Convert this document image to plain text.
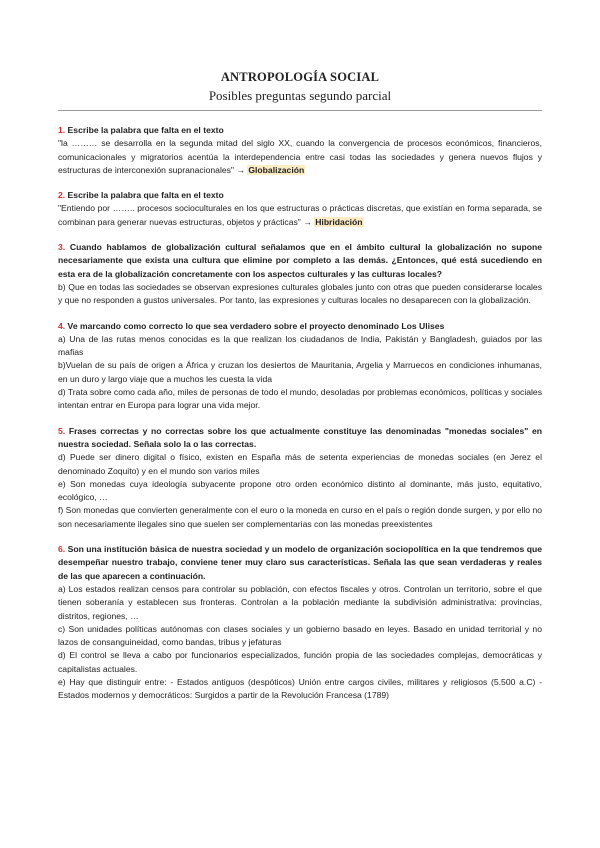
ANTROPOLOGÍA SOCIAL
Posibles preguntas segundo parcial

1. Escribe la palabra que falta en el texto

"la ……… se desarrolla en la segunda mitad del siglo XX, cuando la convergencia de procesos económicos, financieros, comunicacionales y migratorios acentúa la interdependencia entre casi todas las sociedades y genera nuevos flujos y estructuras de interconexión supranacionales" → Globalización

2. Escribe la palabra que falta en el texto

"Entiendo por …….. procesos socioculturales en los que estructuras o prácticas discretas, que existían en forma separada, se combinan para generar nuevas estructuras, objetos y prácticas" → Hibridación

3. Cuando hablamos de globalización cultural señalamos que en el ámbito cultural la globalización no supone necesariamente que exista una cultura que elimine por completo a las demás. ¿Entonces, qué está sucediendo en esta era de la globalización concretamente con los aspectos culturales y las culturas locales?

b) Que en todas las sociedades se observan expresiones culturales globales junto con otras que pueden considerarse locales y que no responden a gustos universales. Por tanto, las expresiones y culturas locales no desaparecen con la globalización.

4. Ve marcando como correcto lo que sea verdadero sobre el proyecto denominado Los Ulises

a) Una de las rutas menos conocidas es la que realizan los ciudadanos de India, Pakistán y Bangladesh, guiados por las mafias

b)Vuelan de su país de origen a África y cruzan los desiertos de Mauritania, Argelia y Marruecos en condiciones inhumanas, en un duro y largo viaje que a muchos les cuesta la vida

d) Trata sobre como cada año, miles de personas de todo el mundo, desoladas por problemas económicos, políticas y sociales intentan entrar en Europa para lograr una vida mejor.

5. Frases correctas y no correctas sobre los que actualmente constituye las denominadas "monedas sociales" en nuestra sociedad. Señala solo la o las correctas.

d) Puede ser dinero digital o físico, existen en España más de setenta experiencias de monedas sociales (en Jerez el denominado Zoquito) y en el mundo son varios miles

e) Son monedas cuya ideología subyacente propone otro orden económico distinto al dominante, más justo, equitativo, ecológico, …

f) Son monedas que convierten generalmente con el euro o la moneda en curso en el país o región donde surgen, y por ello no son necesariamente ilegales sino que suelen ser complementarias con las monedas preexistentes

6. Son una institución básica de nuestra sociedad y un modelo de organización sociopolítica en la que tendremos que desempeñar nuestro trabajo, conviene tener muy claro sus características. Señala las que sean verdaderas y reales de las que aparecen a continuación.

a) Los estados realizan censos para controlar su población, con efectos fiscales y otros. Controlan un territorio, sobre el que tienen soberanía y establecen sus fronteras. Controlan a la población mediante la subdivisión administrativa: provincias, distritos, regiones, …

c) Son unidades políticas autónomas con clases sociales y un gobierno basado en leyes. Basado en unidad territorial y no lazos de consanguineidad, como bandas, tribus y jefaturas

d) El control se lleva a cabo por funcionarios especializados, función propia de las sociedades complejas, democráticas y capitalistas actuales.

e) Hay que distinguir entre: - Estados antiguos (despóticos) Unión entre cargos civiles, militares y religiosos (5.500 a.C) - Estados modernos y democráticos: Surgidos a partir de la Revolución Francesa (1789)
